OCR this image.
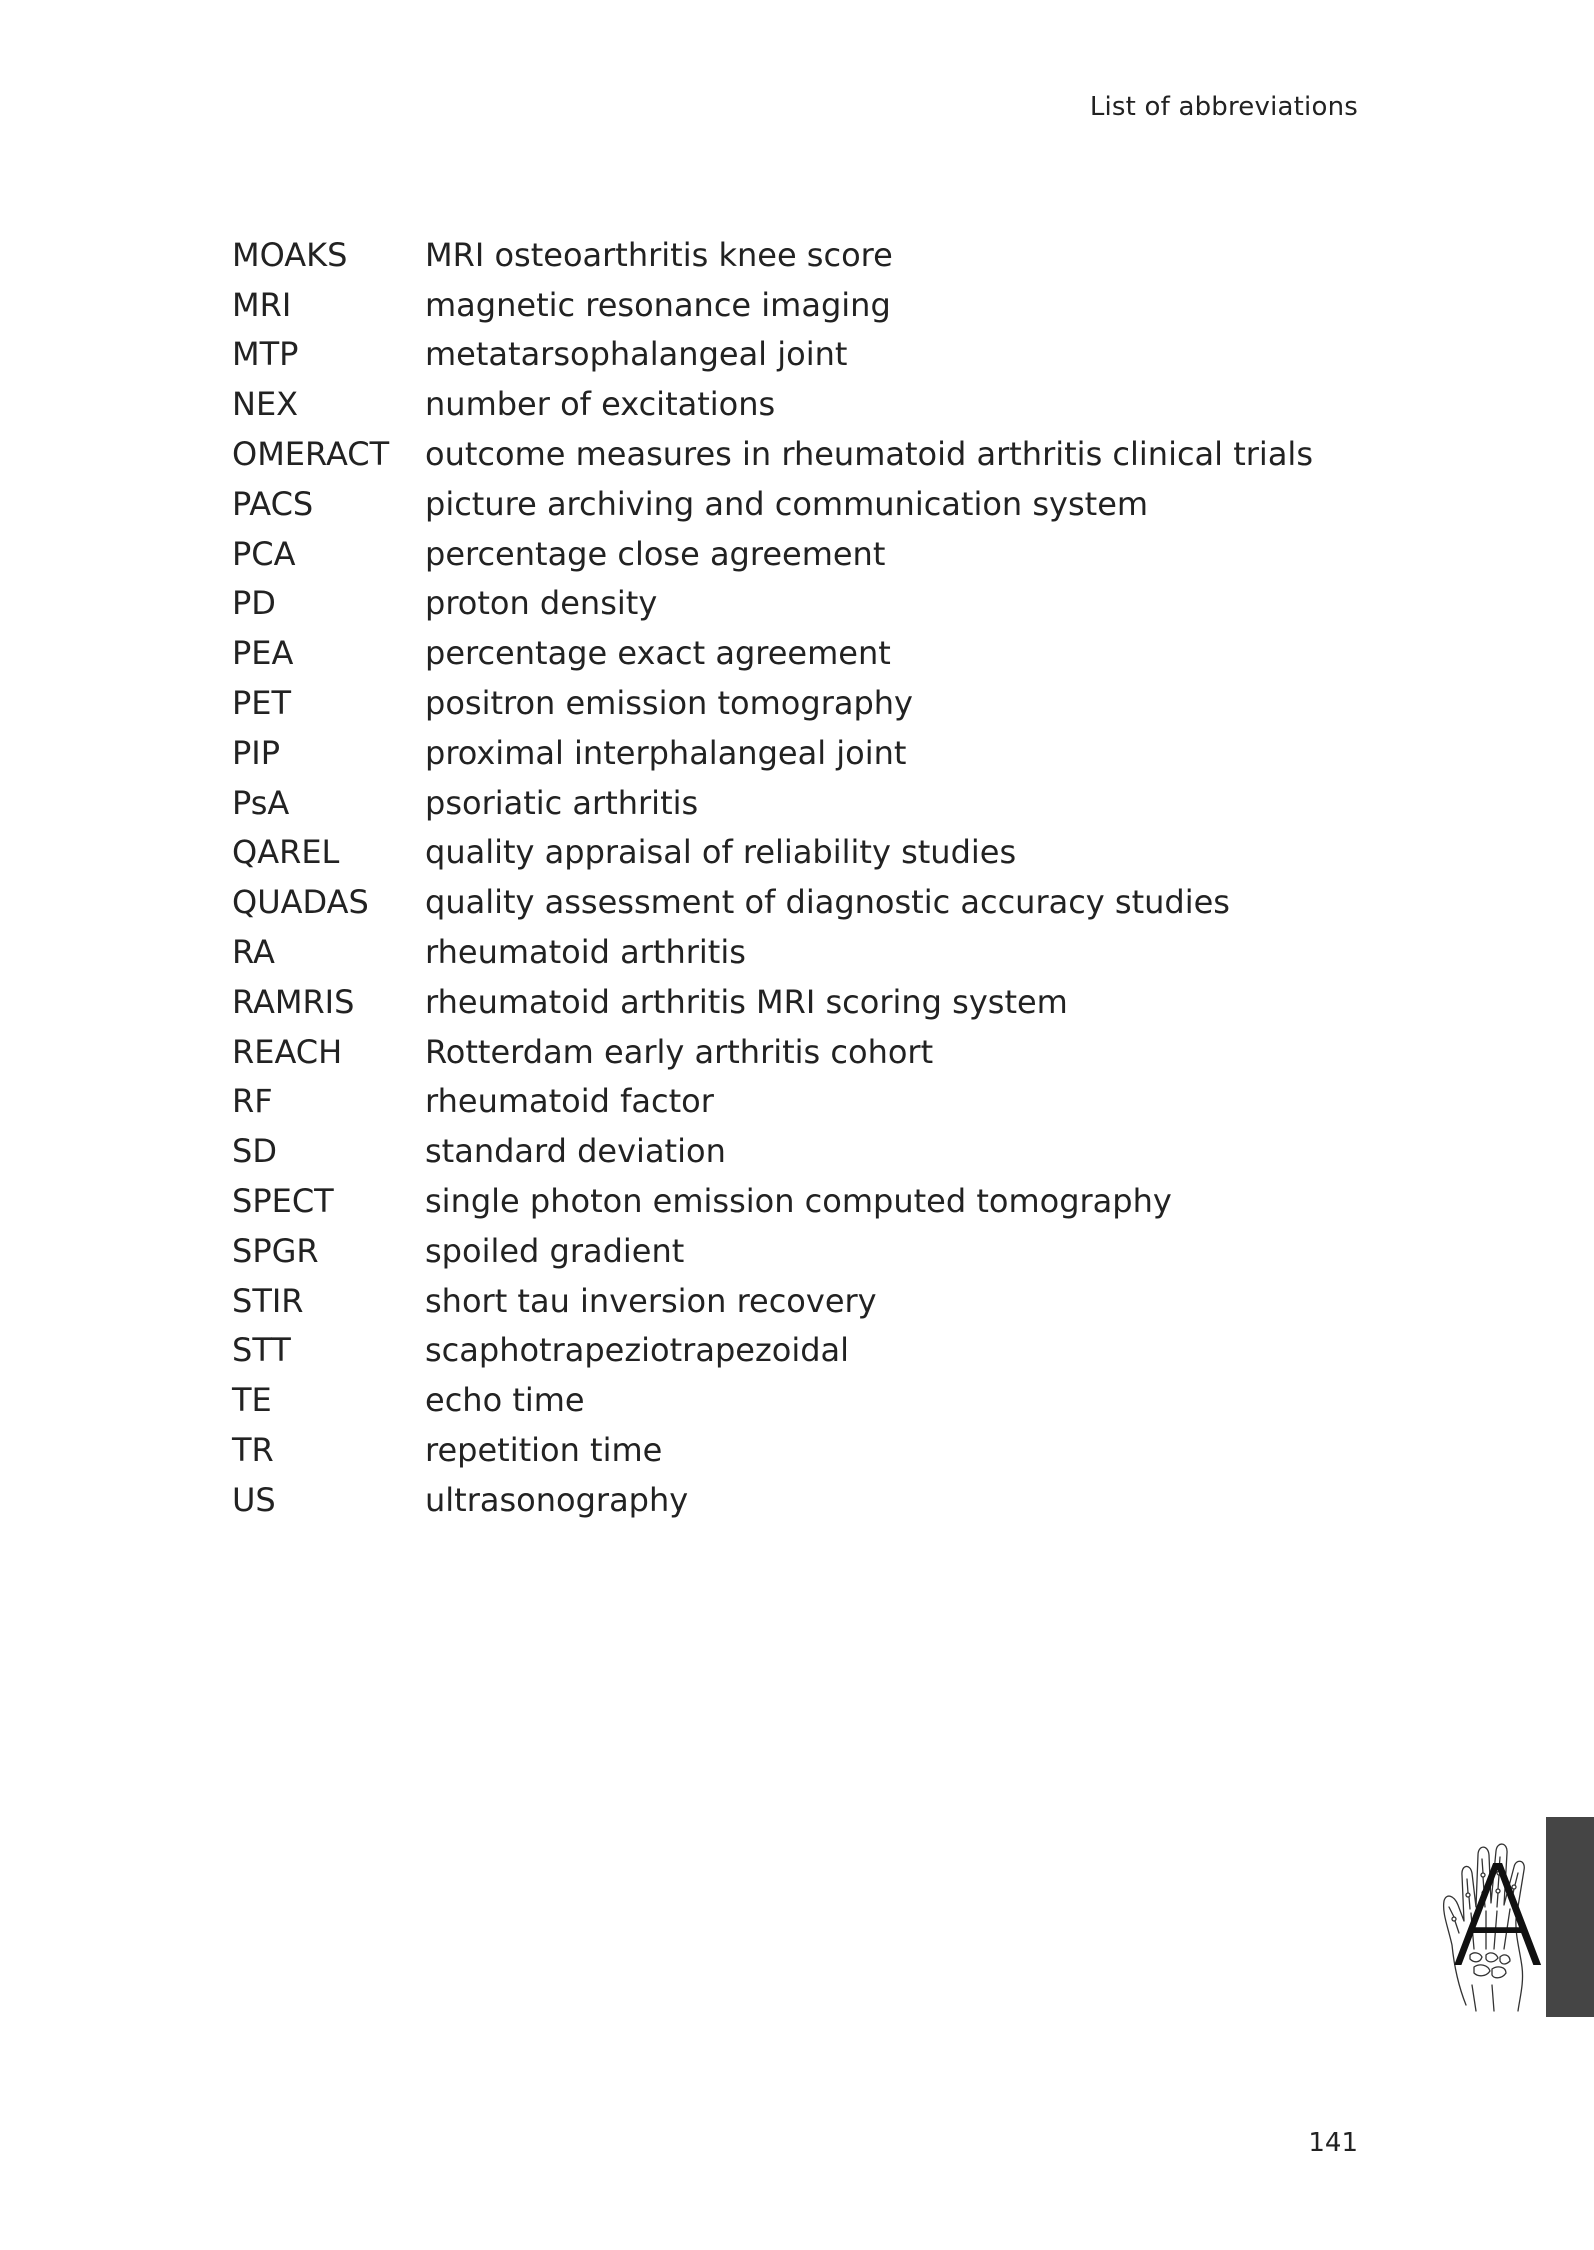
List of abbreviations
MOAKS	MRI osteoarthritis knee score
MRI	magnetic resonance imaging
MTP	metatarsophalangeal joint
NEX	number of excitations
OMERACT	outcome measures in rheumatoid arthritis clinical trials
PACS	picture archiving and communication system
PCA	percentage close agreement
PD	proton density
PEA	percentage exact agreement
PET	positron emission tomography
PIP	proximal interphalangeal joint
PsA	psoriatic arthritis
QAREL	quality appraisal of reliability studies
QUADAS	quality assessment of diagnostic accuracy studies
RA	rheumatoid arthritis
RAMRIS	rheumatoid arthritis MRI scoring system
REACH	Rotterdam early arthritis cohort
RF	rheumatoid factor
SD	standard deviation
SPECT	single photon emission computed tomography
SPGR	spoiled gradient
STIR	short tau inversion recovery
STT	scaphotrapeziotrapezoidal
TE	echo time
TR	repetition time
US	ultrasonography
A
141
